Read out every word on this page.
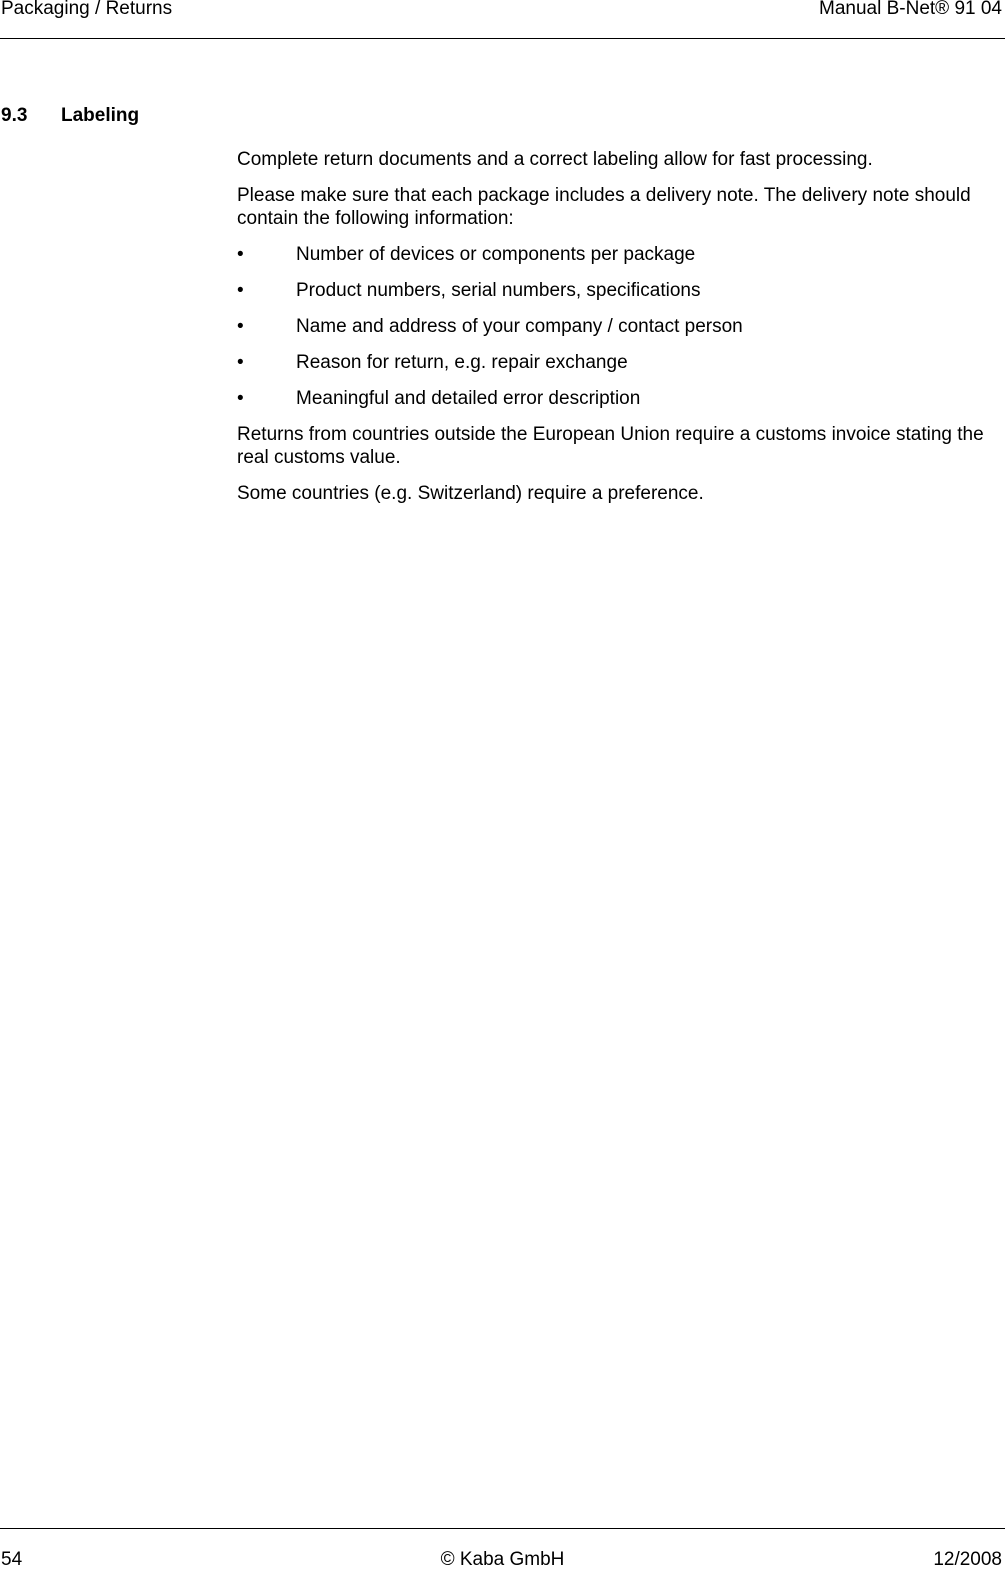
Packaging / Returns	Manual B-Net® 91 04
9.3 Labeling

Complete return documents and a correct labeling allow for fast processing.

Please make sure that each package includes a delivery note. The delivery note should contain the following information:

•	Number of devices or components per package
•	Product numbers, serial numbers, specifications
•	Name and address of your company / contact person
•	Reason for return, e.g. repair exchange
•	Meaningful and detailed error description

Returns from countries outside the European Union require a customs invoice stating the real customs value.

Some countries (e.g. Switzerland) require a preference.

54	© Kaba GmbH	12/2008
